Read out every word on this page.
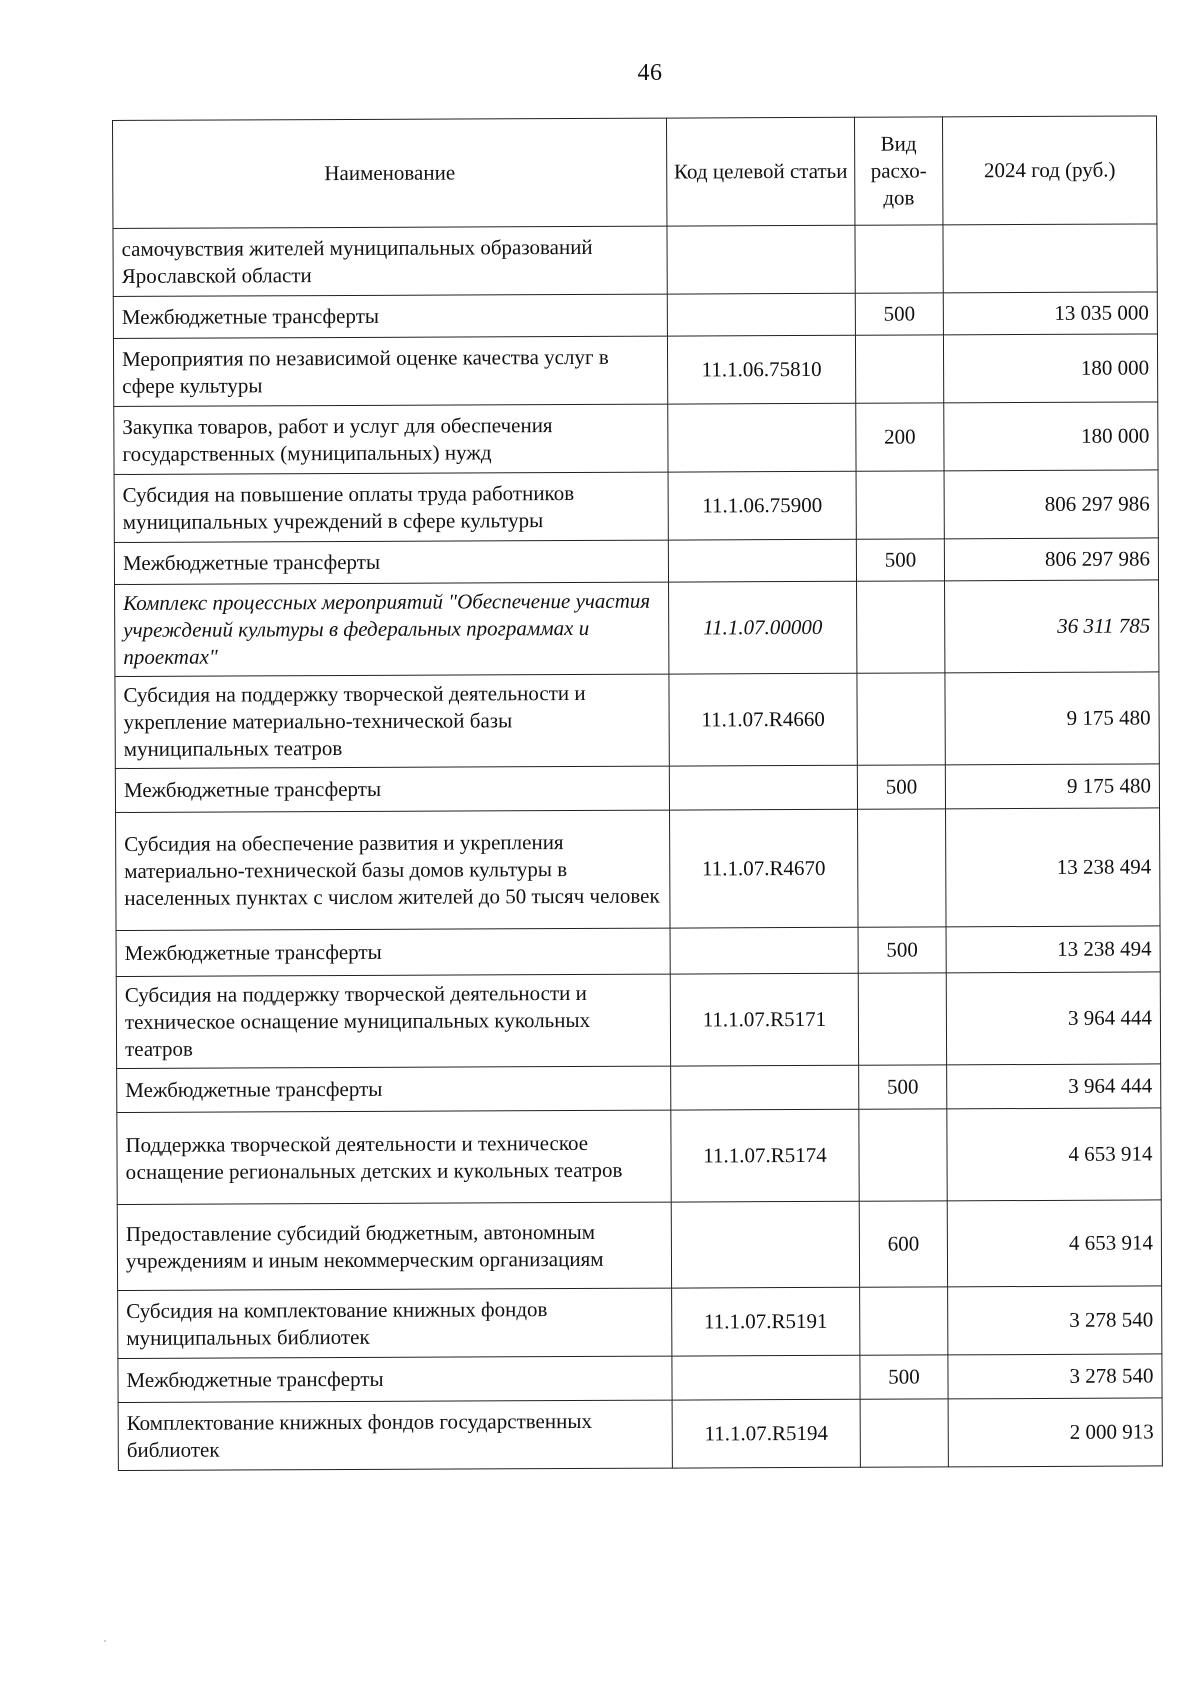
46
Наименование	Код целевой статьи	Вид расхо-дов	2024 год (руб.)
самочувствия жителей муниципальных образований Ярославской области			
Межбюджетные трансферты		500	13 035 000
Мероприятия по независимой оценке качества услуг в сфере культуры	11.1.06.75810		180 000
Закупка товаров, работ и услуг для обеспечения государственных (муниципальных) нужд		200	180 000
Субсидия на повышение оплаты труда работников муниципальных учреждений в сфере культуры	11.1.06.75900		806 297 986
Межбюджетные трансферты		500	806 297 986
Комплекс процессных мероприятий "Обеспечение участия учреждений культуры в федеральных программах и проектах"	11.1.07.00000		36 311 785
Субсидия на поддержку творческой деятельности и укрепление материально-технической базы муниципальных театров	11.1.07.R4660		9 175 480
Межбюджетные трансферты		500	9 175 480
Субсидия на обеспечение развития и укрепления материально-технической базы домов культуры в населенных пунктах с числом жителей до 50 тысяч человек	11.1.07.R4670		13 238 494
Межбюджетные трансферты		500	13 238 494
Субсидия на поддержку творческой деятельности и техническое оснащение муниципальных кукольных театров	11.1.07.R5171		3 964 444
Межбюджетные трансферты		500	3 964 444
Поддержка творческой деятельности и техническое оснащение региональных детских и кукольных театров	11.1.07.R5174		4 653 914
Предоставление субсидий бюджетным, автономным учреждениям и иным некоммерческим организациям		600	4 653 914
Субсидия на комплектование книжных фондов муниципальных библиотек	11.1.07.R5191		3 278 540
Межбюджетные трансферты		500	3 278 540
Комплектование книжных фондов государственных библиотек	11.1.07.R5194		2 000 913
